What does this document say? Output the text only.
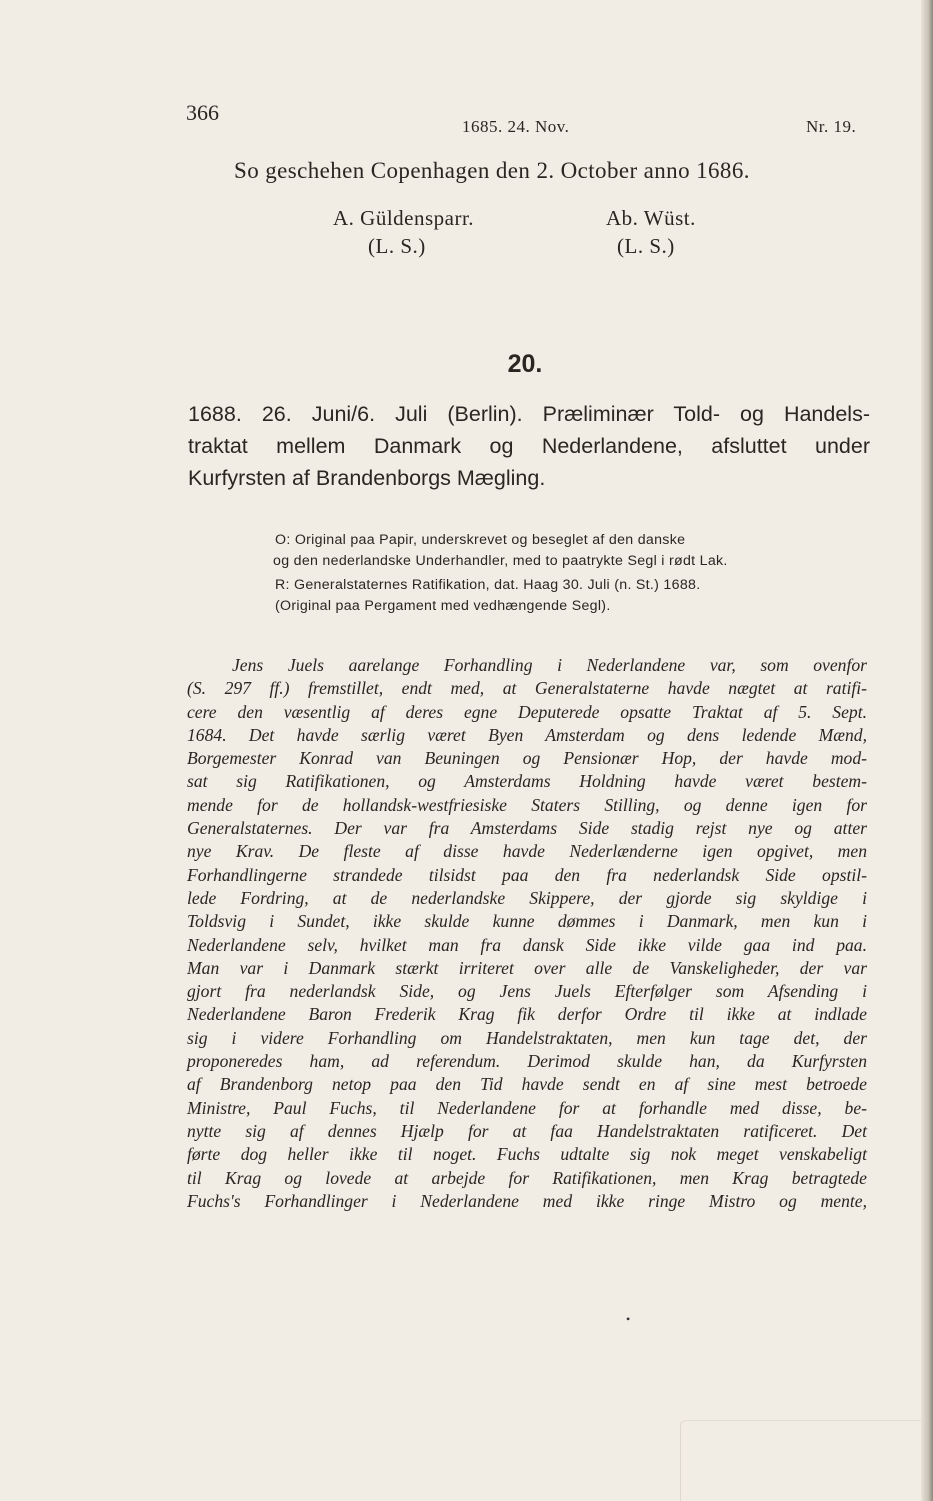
366
1685. 24. Nov.	Nr. 19.
So geschehen Copenhagen den 2. October anno 1686.
A. Güldensparr.
(L. S.)
Ab. Wüst.
(L. S.)
20.
1688. 26. Juni/6. Juli (Berlin). Præliminær Told- og Handels-
traktat mellem Danmark og Nederlandene, afsluttet under
Kurfyrsten af Brandenborgs Mægling.
O: Original paa Papir, underskrevet og beseglet af den danske
og den nederlandske Underhandler, med to paatrykte Segl i rødt Lak.
R: Generalstaternes Ratifikation, dat. Haag 30. Juli (n. St.) 1688.
(Original paa Pergament med vedhængende Segl).
Jens Juels aarelange Forhandling i Nederlandene var, som ovenfor
(S. 297 ff.) fremstillet, endt med, at Generalstaterne havde nægtet at ratifi-
cere den væsentlig af deres egne Deputerede opsatte Traktat af 5. Sept.
1684. Det havde særlig været Byen Amsterdam og dens ledende Mænd,
Borgemester Konrad van Beuningen og Pensionær Hop, der havde mod-
sat sig Ratifikationen, og Amsterdams Holdning havde været bestem-
mende for de hollandsk-westfriesiske Staters Stilling, og denne igen for
Generalstaternes. Der var fra Amsterdams Side stadig rejst nye og atter
nye Krav. De fleste af disse havde Nederlænderne igen opgivet, men
Forhandlingerne strandede tilsidst paa den fra nederlandsk Side opstil-
lede Fordring, at de nederlandske Skippere, der gjorde sig skyldige i
Toldsvig i Sundet, ikke skulde kunne dømmes i Danmark, men kun i
Nederlandene selv, hvilket man fra dansk Side ikke vilde gaa ind paa.
Man var i Danmark stærkt irriteret over alle de Vanskeligheder, der var
gjort fra nederlandsk Side, og Jens Juels Efterfølger som Afsending i
Nederlandene Baron Frederik Krag fik derfor Ordre til ikke at indlade
sig i videre Forhandling om Handelstraktaten, men kun tage det, der
proponeredes ham, ad referendum. Derimod skulde han, da Kurfyrsten
af Brandenborg netop paa den Tid havde sendt en af sine mest betroede
Ministre, Paul Fuchs, til Nederlandene for at forhandle med disse, be-
nytte sig af dennes Hjælp for at faa Handelstraktaten ratificeret. Det
førte dog heller ikke til noget. Fuchs udtalte sig nok meget venskabeligt
til Krag og lovede at arbejde for Ratifikationen, men Krag betragtede
Fuchs's Forhandlinger i Nederlandene med ikke ringe Mistro og mente,
•
